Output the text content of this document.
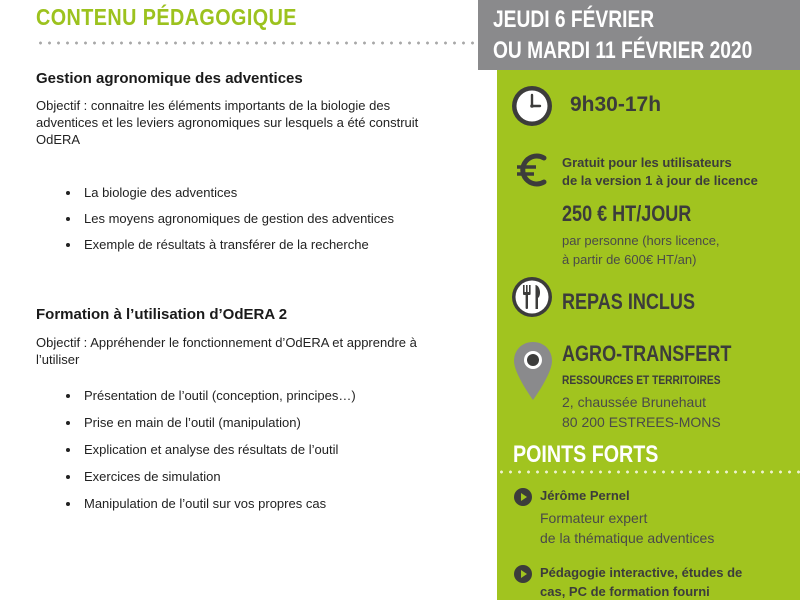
CONTENU PÉDAGOGIQUE
Gestion agronomique des adventices
Objectif : connaitre les éléments importants de la biologie des adventices et les leviers agronomiques sur lesquels a été construit OdERA
La biologie des adventices
Les moyens agronomiques de gestion des adventices
Exemple de résultats à transférer de la recherche
Formation à l’utilisation d’OdERA 2
Objectif : Appréhender le fonctionnement d’OdERA et apprendre à l’utiliser
Présentation de l’outil (conception, principes…)
Prise en main de l’outil (manipulation)
Explication et analyse des résultats de l’outil
Exercices de simulation
Manipulation de l’outil sur vos propres cas
JEUDI 6 FÉVRIER
OU MARDI 11 FÉVRIER 2020
9h30-17h
Gratuit pour les utilisateurs
de la version 1 à jour de licence
250 € HT/JOUR
par personne (hors licence,
à partir de 600€ HT/an)
REPAS INCLUS
AGRO-TRANSFERT
RESSOURCES ET TERRITOIRES
2, chaussée Brunehaut
80 200 ESTREES-MONS
POINTS FORTS
Jérôme Pernel
Formateur expert
de la thématique adventices
Pédagogie interactive, études de
cas, PC de formation fourni
